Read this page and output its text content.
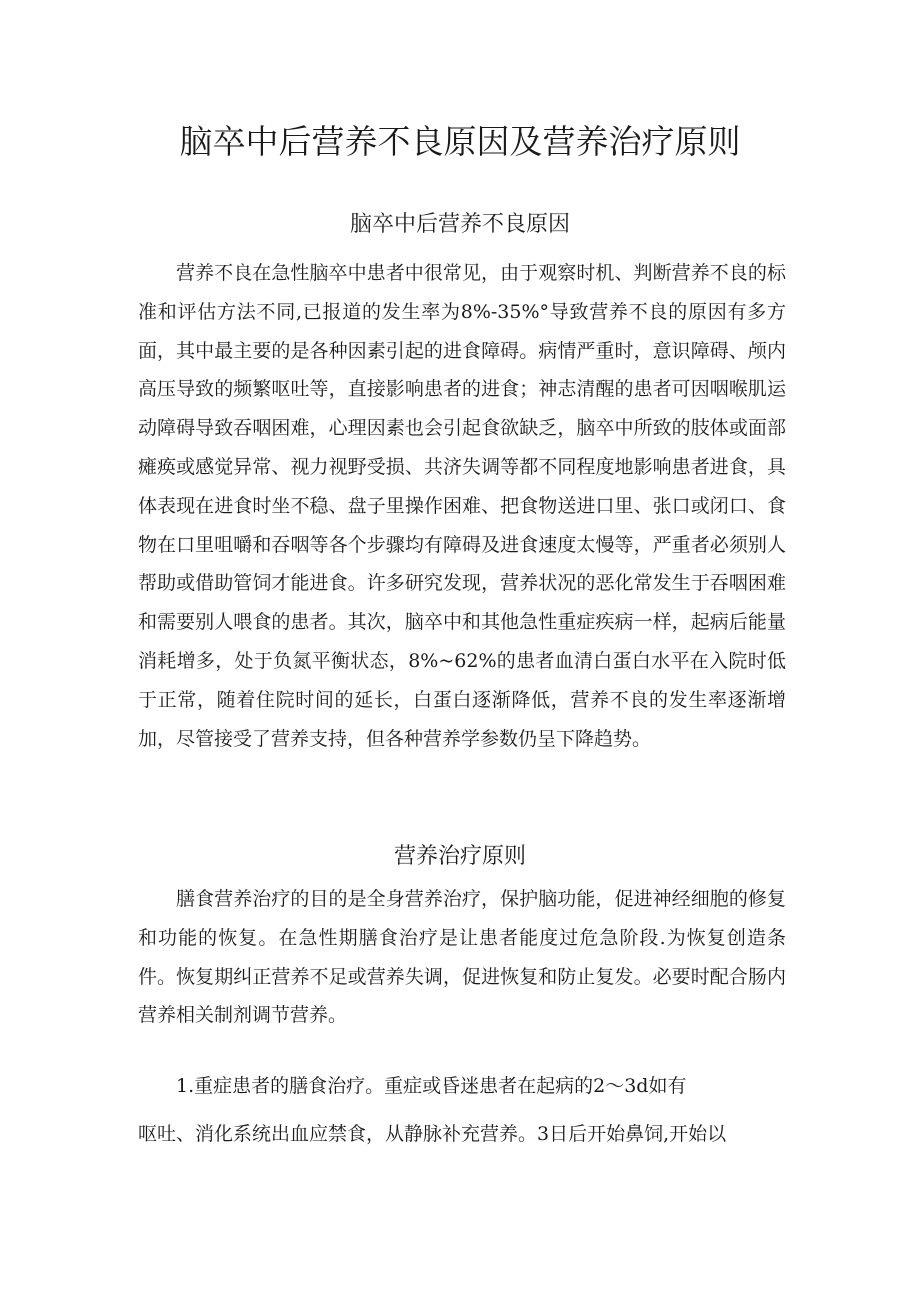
脑卒中后营养不良原因及营养治疗原则
脑卒中后营养不良原因

营养不良在急性脑卒中患者中很常见，由于观察时机、判断营养不良的标准和评估方法不同,已报道的发生率为8%-35%°导致营养不良的原因有多方面，其中最主要的是各种因素引起的进食障碍。病情严重时，意识障碍、颅内高压导致的频繁呕吐等，直接影响患者的进食；神志清醒的患者可因咽喉肌运动障碍导致吞咽困难，心理因素也会引起食欲缺乏，脑卒中所致的肢体或面部瘫痪或感觉异常、视力视野受损、共济失调等都不同程度地影响患者进食，具体表现在进食时坐不稳、盘子里操作困难、把食物送进口里、张口或闭口、食物在口里咀嚼和吞咽等各个步骤均有障碍及进食速度太慢等，严重者必须别人帮助或借助管饲才能进食。许多研究发现，营养状况的恶化常发生于吞咽困难和需要别人喂食的患者。其次，脑卒中和其他急性重症疾病一样，起病后能量消耗增多，处于负氮平衡状态，8%~62%的患者血清白蛋白水平在入院时低于正常，随着住院时间的延长，白蛋白逐渐降低，营养不良的发生率逐渐增加，尽管接受了营养支持，但各种营养学参数仍呈下降趋势。

营养治疗原则

膳食营养治疗的目的是全身营养治疗，保护脑功能，促进神经细胞的修复和功能的恢复。在急性期膳食治疗是让患者能度过危急阶段.为恢复创造条件。恢复期纠正营养不足或营养失调，促进恢复和防止复发。必要时配合肠内营养相关制剂调节营养。

1.重症患者的膳食治疗。重症或昏迷患者在起病的2～3d如有

呕吐、消化系统出血应禁食，从静脉补充营养。3日后开始鼻饲,开始以
